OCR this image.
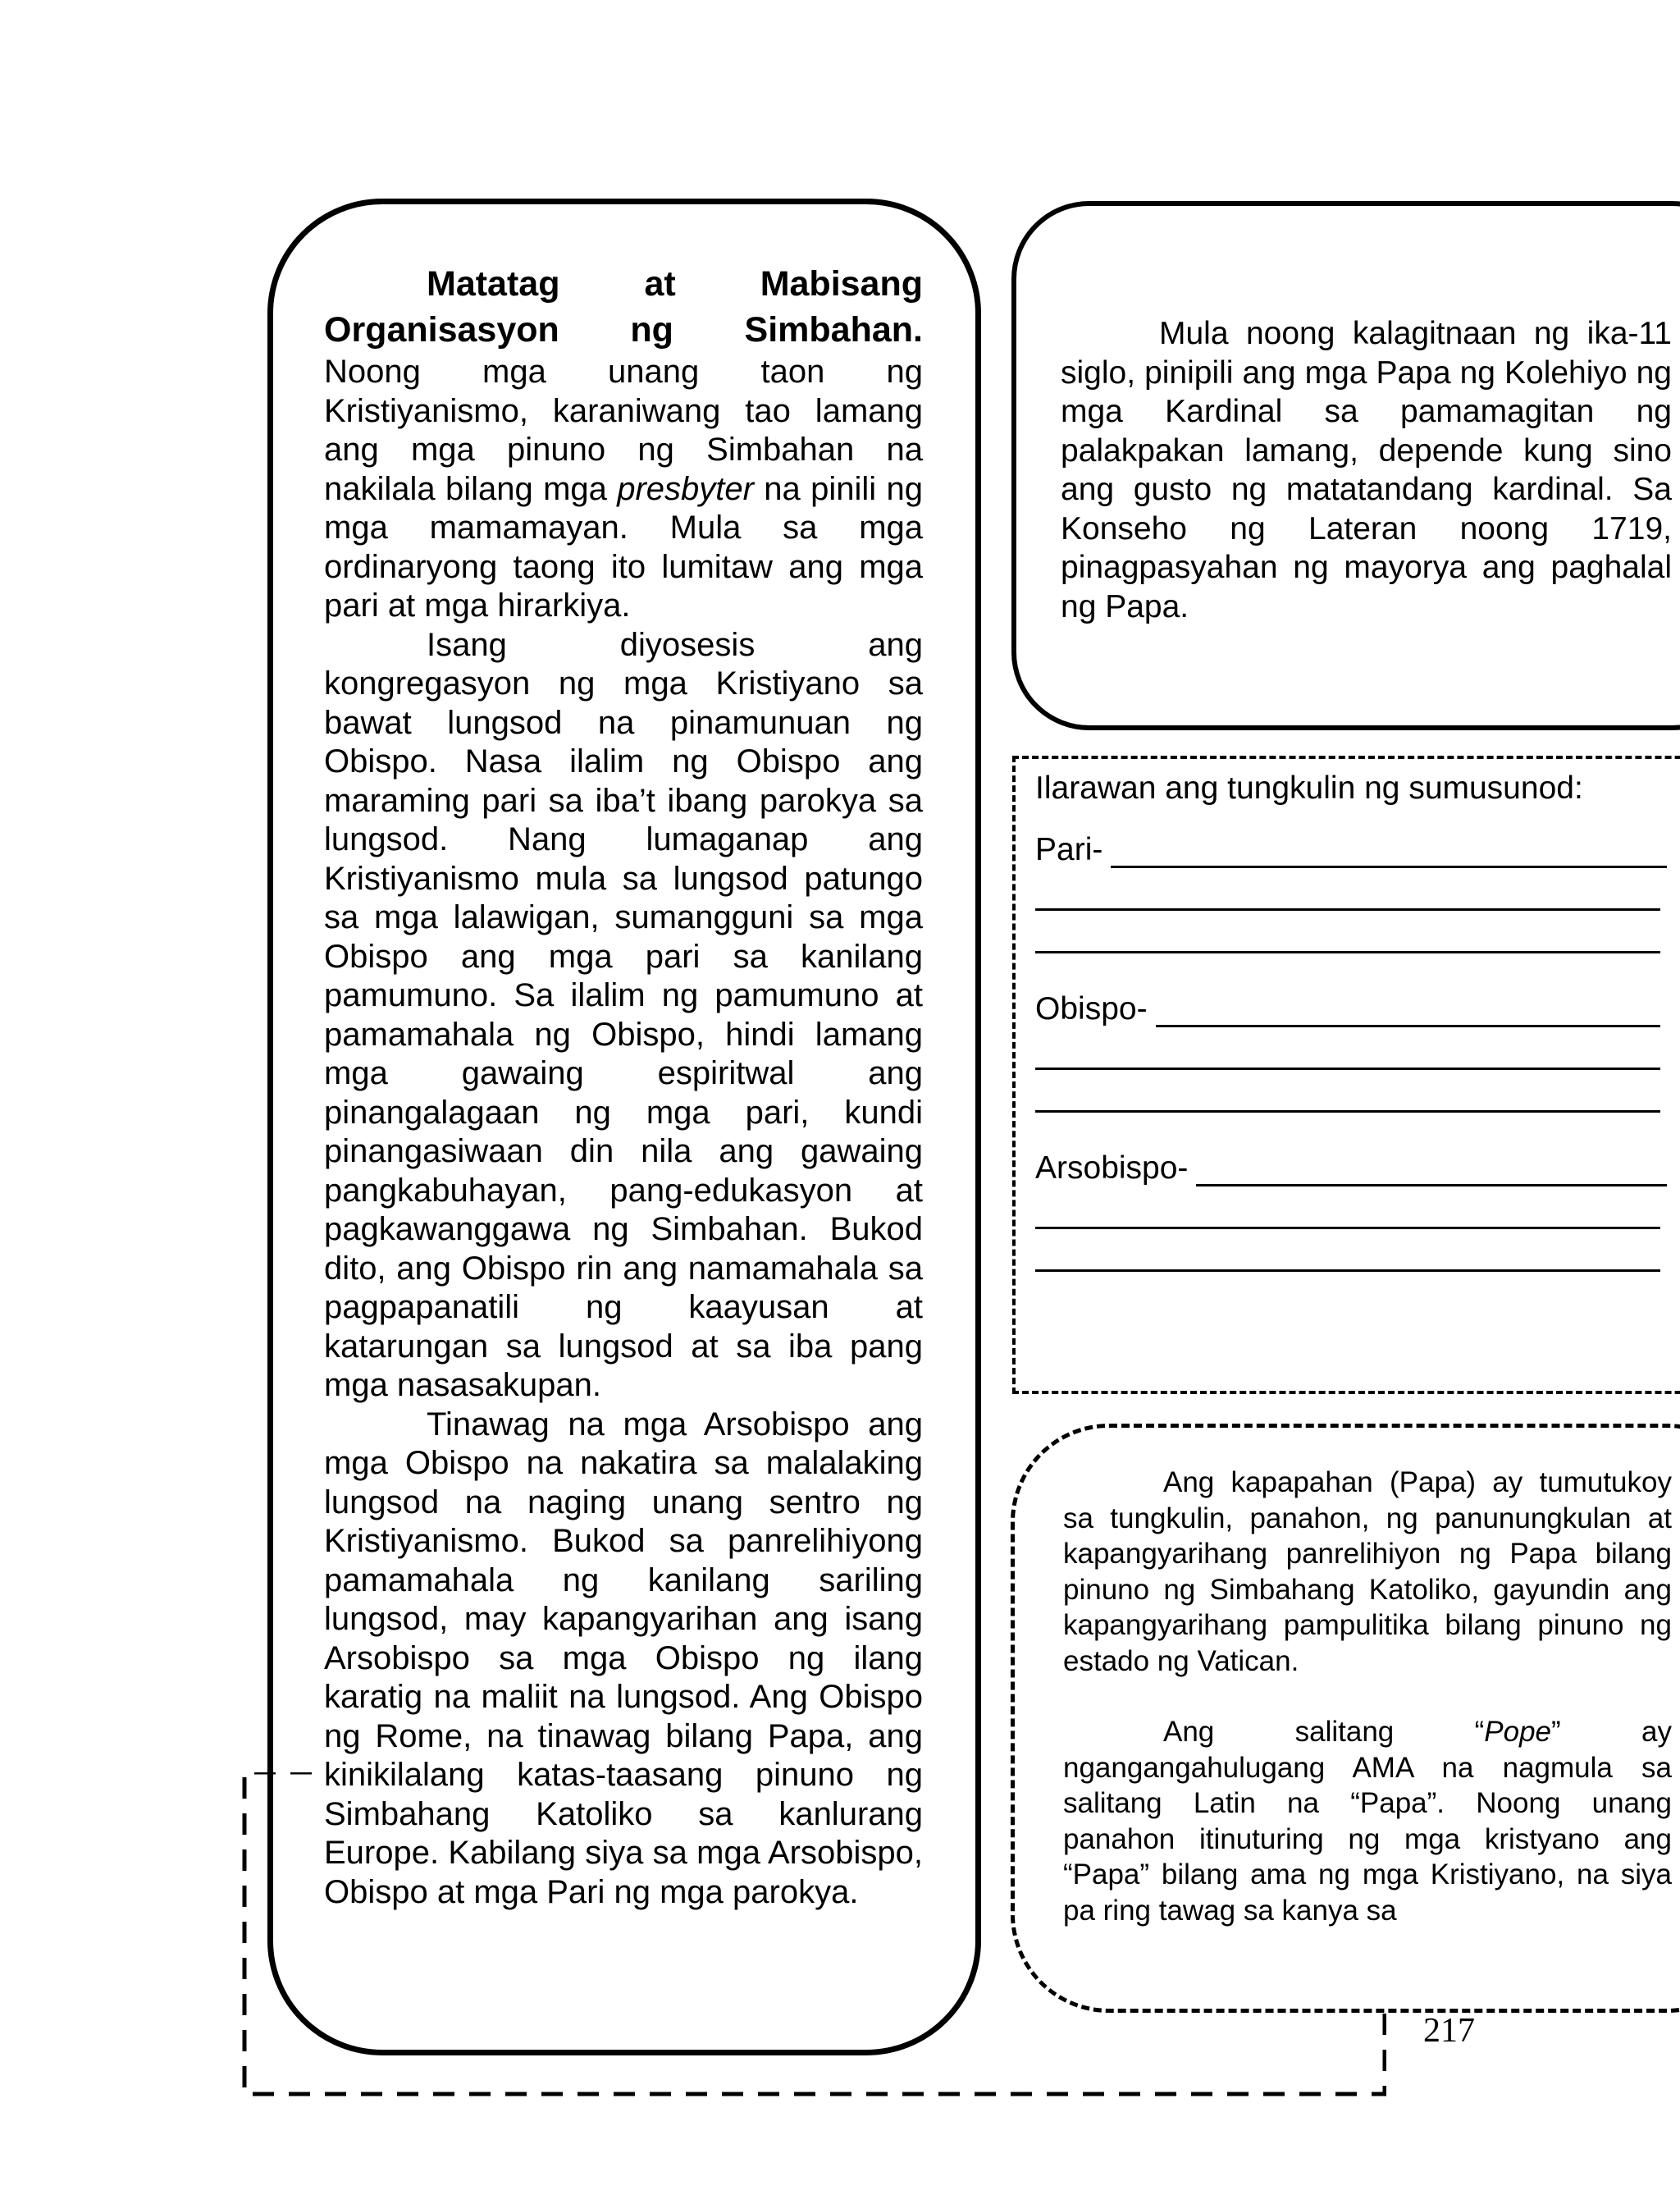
Matatag at Mabisang Organisasyon ng Simbahan.

Noong mga unang taon ng Kristiyanismo, karaniwang tao lamang ang mga pinuno ng Simbahan na nakilala bilang mga presbyter na pinili ng mga mamamayan. Mula sa mga ordinaryong taong ito lumitaw ang mga pari at mga hirarkiya.

Isang diyosesis ang kongregasyon ng mga Kristiyano sa bawat lungsod na pinamunuan ng Obispo. Nasa ilalim ng Obispo ang maraming pari sa iba’t ibang parokya sa lungsod. Nang lumaganap ang Kristiyanismo mula sa lungsod patungo sa mga lalawigan, sumangguni sa mga Obispo ang mga pari sa kanilang pamumuno. Sa ilalim ng pamumuno at pamamahala ng Obispo, hindi lamang mga gawaing espiritwal ang pinangalagaan ng mga pari, kundi pinangasiwaan din nila ang gawaing pangkabuhayan, pang-edukasyon at pagkawanggawa ng Simbahan. Bukod dito, ang Obispo rin ang namamahala sa pagpapanatili ng kaayusan at katarungan sa lungsod at sa iba pang mga nasasakupan.

Tinawag na mga Arsobispo ang mga Obispo na nakatira sa malalaking lungsod na naging unang sentro ng Kristiyanismo. Bukod sa panrelihiyong pamamahala ng kanilang sariling lungsod, may kapangyarihan ang isang Arsobispo sa mga Obispo ng ilang karatig na maliit na lungsod. Ang Obispo ng Rome, na tinawag bilang Papa, ang kinikilalang katas-taasang pinuno ng Simbahang Katoliko sa kanlurang Europe. Kabilang siya sa mga Arsobispo, Obispo at mga Pari ng mga parokya.

Mula noong kalagitnaan ng ika-11 siglo, pinipili ang mga Papa ng Kolehiyo ng mga Kardinal sa pamamagitan ng palakpakan lamang, depende kung sino ang gusto ng matatandang kardinal. Sa Konseho ng Lateran noong 1719, pinagpasyahan ng mayorya ang paghalal ng Papa.

Ilarawan ang tungkulin ng sumusunod:

Pari-
Obispo-
Arsobispo-

Ang kapapahan (Papa) ay tumutukoy sa tungkulin, panahon, ng panunungkulan at kapangyarihang panrelihiyon ng Papa bilang pinuno ng Simbahang Katoliko, gayundin ang kapangyarihang pampulitika bilang pinuno ng estado ng Vatican.

Ang salitang “Pope” ay ngangangahulugang AMA na nagmula sa salitang Latin na “Papa”. Noong unang panahon itinuturing ng mga kristyano ang “Papa” bilang ama ng mga Kristiyano, na siya pa ring tawag sa kanya sa

217
